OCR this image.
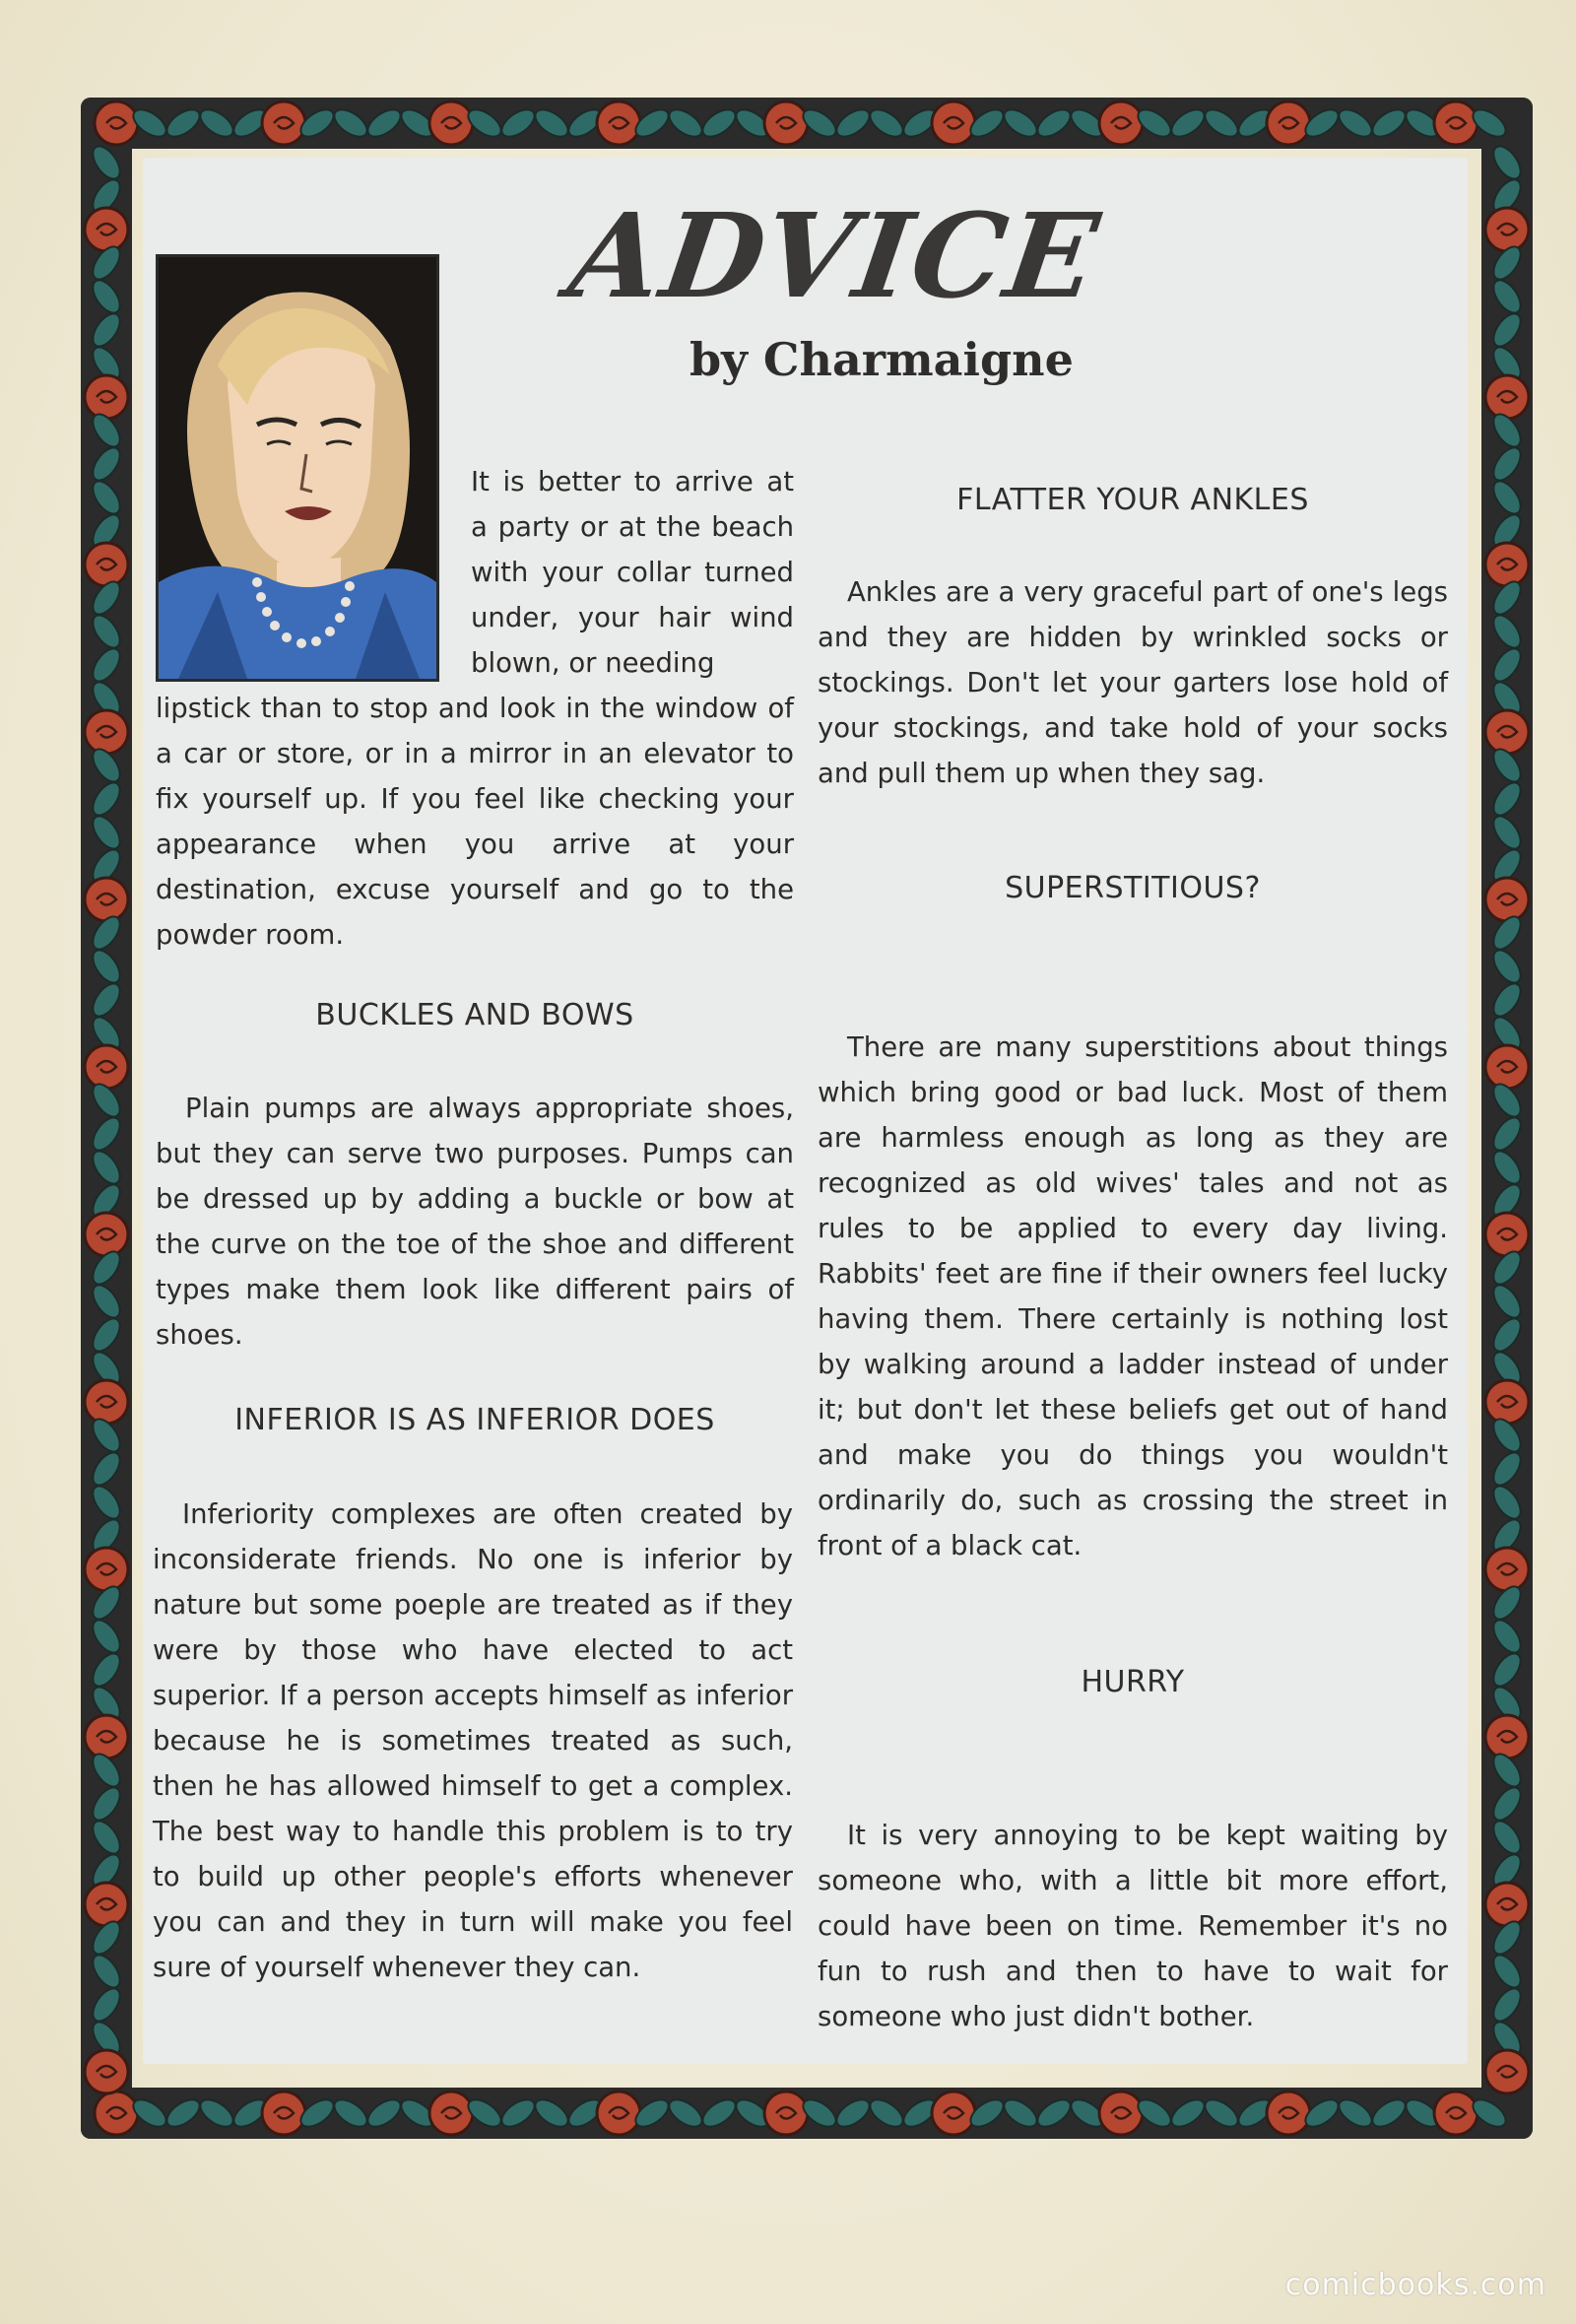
ADVICE
by Charmaigne
It is better to arrive at a party or at the beach with your collar turned under, your hair wind blown, or needing
lipstick than to stop and look in the window of a car or store, or in a mirror in an elevator to fix yourself up. If you feel like checking your appearance when you arrive at your destination, excuse yourself and go to the powder room.
BUCKLES AND BOWS

Plain pumps are always appropriate shoes, but they can serve two purposes. Pumps can be dressed up by adding a buckle or bow at the curve on the toe of the shoe and different types make them look like different pairs of shoes.

INFERIOR IS AS INFERIOR DOES

Inferiority complexes are often created by inconsiderate friends. No one is inferior by nature but some poeple are treated as if they were by those who have elected to act superior. If a person accepts himself as inferior because he is sometimes treated as such, then he has allowed himself to get a complex. The best way to handle this problem is to try to build up other people's efforts whenever you can and they in turn will make you feel sure of yourself whenever they can.

FLATTER YOUR ANKLES

Ankles are a very graceful part of one's legs and they are hidden by wrinkled socks or stockings. Don't let your garters lose hold of your stockings, and take hold of your socks and pull them up when they sag.

SUPERSTITIOUS?

There are many superstitions about things which bring good or bad luck. Most of them are harmless enough as long as they are recognized as old wives' tales and not as rules to be applied to every day living. Rabbits' feet are fine if their owners feel lucky having them. There certainly is nothing lost by walking around a ladder instead of under it; but don't let these beliefs get out of hand and make you do things you wouldn't ordinarily do, such as crossing the street in front of a black cat.

HURRY

It is very annoying to be kept waiting by someone who, with a little bit more effort, could have been on time. Remember it's no fun to rush and then to have to wait for someone who just didn't bother.

comicbooks.com
